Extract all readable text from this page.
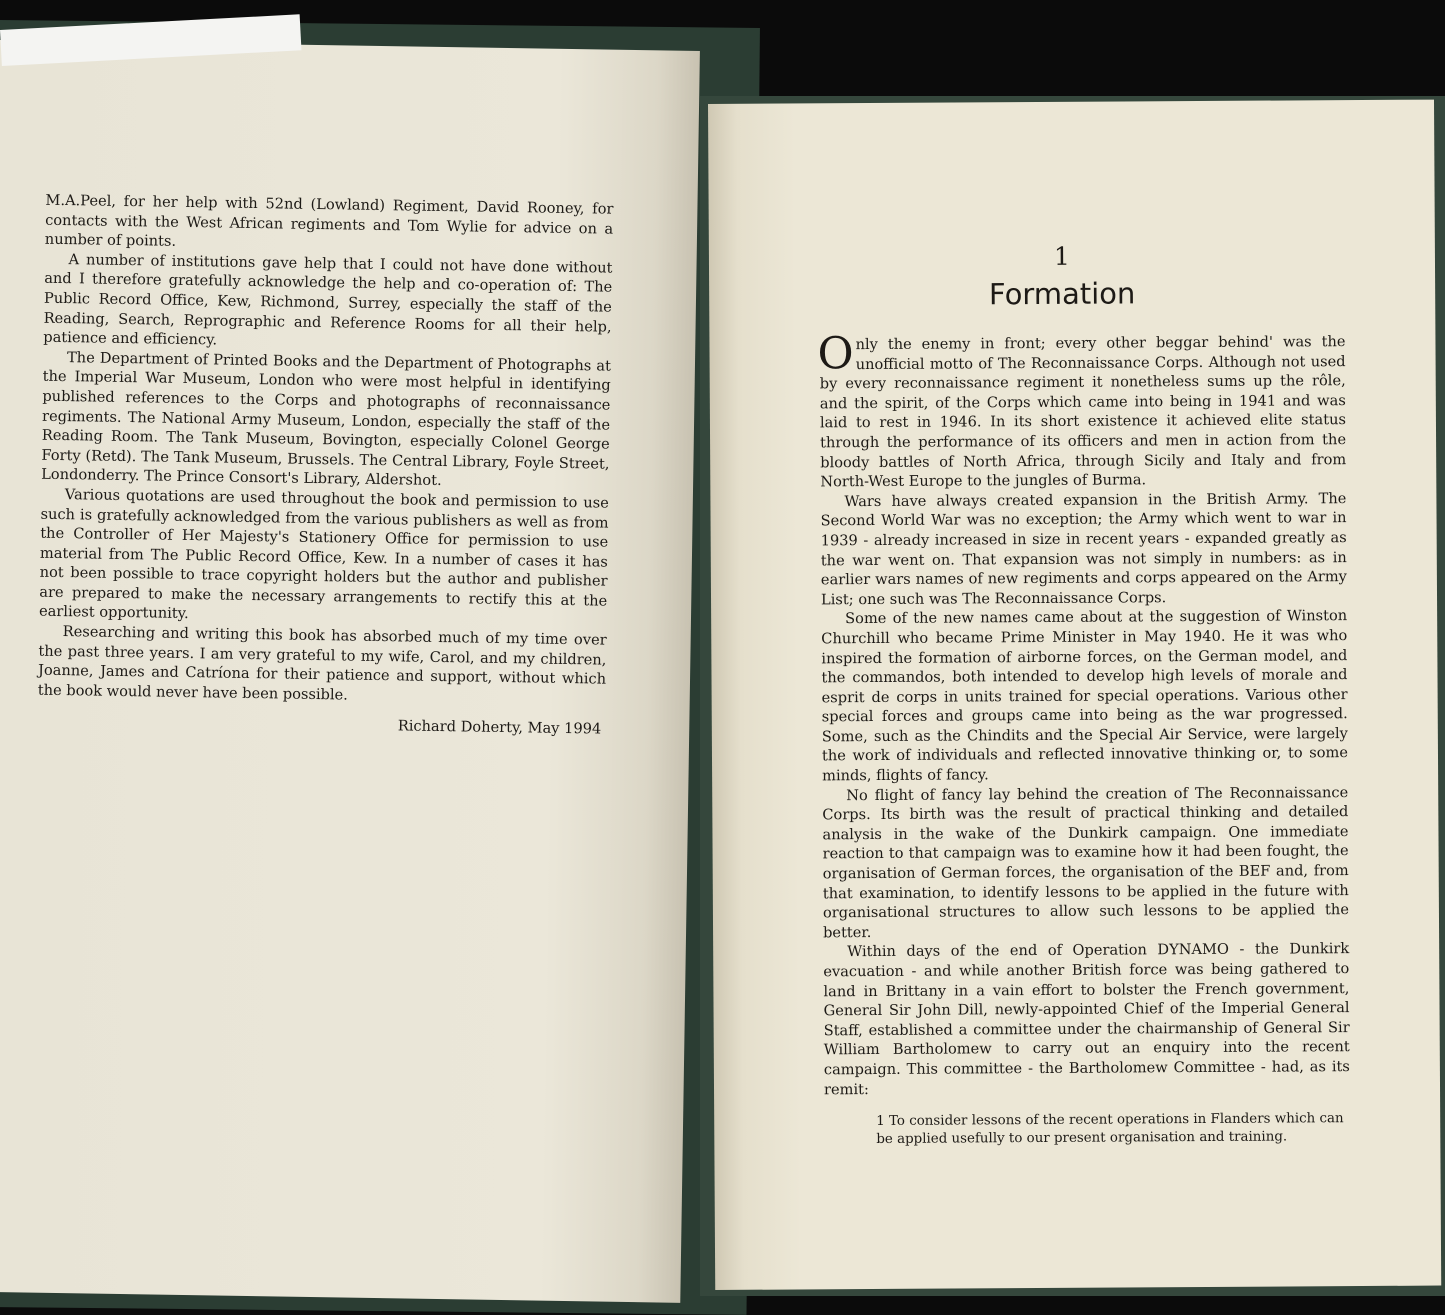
M.A.Peel, for her help with 52nd (Lowland) Regiment, David Rooney, for contacts with the West African regiments and Tom Wylie for advice on a number of points.

A number of institutions gave help that I could not have done without and I therefore gratefully acknowledge the help and co-operation of: The Public Record Office, Kew, Richmond, Surrey, especially the staff of the Reading, Search, Reprographic and Reference Rooms for all their help, patience and efficiency.

The Department of Printed Books and the Department of Photographs at the Imperial War Museum, London who were most helpful in identifying published references to the Corps and photographs of reconnaissance regiments. The National Army Museum, London, especially the staff of the Reading Room. The Tank Museum, Bovington, especially Colonel George Forty (Retd). The Tank Museum, Brussels. The Central Library, Foyle Street, Londonderry. The Prince Consort's Library, Aldershot.

Various quotations are used throughout the book and permission to use such is gratefully acknowledged from the various publishers as well as from the Controller of Her Majesty's Stationery Office for permission to use material from The Public Record Office, Kew. In a number of cases it has not been possible to trace copyright holders but the author and publisher are prepared to make the necessary arrangements to rectify this at the earliest opportunity.

Researching and writing this book has absorbed much of my time over the past three years. I am very grateful to my wife, Carol, and my children, Joanne, James and Catríona for their patience and support, without which the book would never have been possible.

Richard Doherty, May 1994
1
Formation

Only the enemy in front; every other beggar behind' was the unofficial motto of The Reconnaissance Corps. Although not used by every reconnaissance regiment it nonetheless sums up the rôle, and the spirit, of the Corps which came into being in 1941 and was laid to rest in 1946. In its short existence it achieved elite status through the performance of its officers and men in action from the bloody battles of North Africa, through Sicily and Italy and from North-West Europe to the jungles of Burma.

Wars have always created expansion in the British Army. The Second World War was no exception; the Army which went to war in 1939 - already increased in size in recent years - expanded greatly as the war went on. That expansion was not simply in numbers: as in earlier wars names of new regiments and corps appeared on the Army List; one such was The Reconnaissance Corps.

Some of the new names came about at the suggestion of Winston Churchill who became Prime Minister in May 1940. He it was who inspired the formation of airborne forces, on the German model, and the commandos, both intended to develop high levels of morale and esprit de corps in units trained for special operations. Various other special forces and groups came into being as the war progressed. Some, such as the Chindits and the Special Air Service, were largely the work of individuals and reflected innovative thinking or, to some minds, flights of fancy.

No flight of fancy lay behind the creation of The Reconnaissance Corps. Its birth was the result of practical thinking and detailed analysis in the wake of the Dunkirk campaign. One immediate reaction to that campaign was to examine how it had been fought, the organisation of German forces, the organisation of the BEF and, from that examination, to identify lessons to be applied in the future with organisational structures to allow such lessons to be applied the better.

Within days of the end of Operation DYNAMO - the Dunkirk evacuation - and while another British force was being gathered to land in Brittany in a vain effort to bolster the French government, General Sir John Dill, newly-appointed Chief of the Imperial General Staff, established a committee under the chairmanship of General Sir William Bartholomew to carry out an enquiry into the recent campaign. This committee - the Bartholomew Committee - had, as its remit:

1 To consider lessons of the recent operations in Flanders which can be applied usefully to our present organisation and training.
